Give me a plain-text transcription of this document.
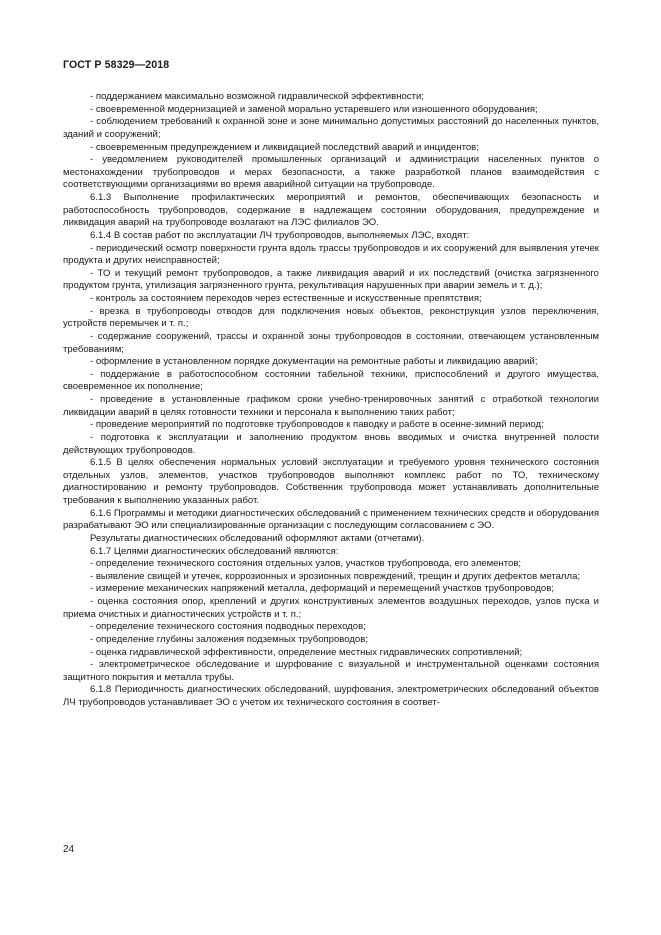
ГОСТ Р 58329—2018

- поддержанием максимально возможной гидравлической эффективности;

- своевременной модернизацией и заменой морально устаревшего или изношенного оборудования;

- соблюдением требований к охранной зоне и зоне минимально допустимых расстояний до населенных пунктов, зданий и сооружений;

- своевременным предупреждением и ликвидацией последствий аварий и инцидентов;

- уведомлением руководителей промышленных организаций и администрации населенных пунктов о местонахождении трубопроводов и мерах безопасности, а также разработкой планов взаимодействия с соответствующими организациями во время аварийной ситуации на трубопроводе.

6.1.3 Выполнение профилактических мероприятий и ремонтов, обеспечивающих безопасность и работоспособность трубопроводов, содержание в надлежащем состоянии оборудования, предупреждение и ликвидация аварий на трубопроводе возлагают на ЛЭС филиалов ЭО.

6.1.4 В состав работ по эксплуатации ЛЧ трубопроводов, выполняемых ЛЭС, входят:

- периодический осмотр поверхности грунта вдоль трассы трубопроводов и их сооружений для выявления утечек продукта и других неисправностей;

- ТО и текущий ремонт трубопроводов, а также ликвидация аварий и их последствий (очистка загрязненного продуктом грунта, утилизация загрязненного грунта, рекультивация нарушенных при аварии земель и т. д.);

- контроль за состоянием переходов через естественные и искусственные препятствия;

- врезка в трубопроводы отводов для подключения новых объектов, реконструкция узлов переключения, устройств перемычек и т. п.;

- содержание сооружений, трассы и охранной зоны трубопроводов в состоянии, отвечающем установленным требованиям;

- оформление в установленном порядке документации на ремонтные работы и ликвидацию аварий;

- поддержание в работоспособном состоянии табельной техники, приспособлений и другого имущества, своевременное их пополнение;

- проведение в установленные графиком сроки учебно-тренировочных занятий с отработкой технологии ликвидации аварий в целях готовности техники и персонала к выполнению таких работ;

- проведение мероприятий по подготовке трубопроводов к паводку и работе в осенне-зимний период;

- подготовка к эксплуатации и заполнению продуктом вновь вводимых и очистка внутренней полости действующих трубопроводов.

6.1.5 В целях обеспечения нормальных условий эксплуатации и требуемого уровня технического состояния отдельных узлов, элементов, участков трубопроводов выполняют комплекс работ по ТО, техническому диагностированию и ремонту трубопроводов. Собственник трубопровода может устанавливать дополнительные требования к выполнению указанных работ.

6.1.6 Программы и методики диагностических обследований с применением технических средств и оборудования разрабатывают ЭО или специализированные организации с последующим согласованием с ЭО.

Результаты диагностических обследований оформляют актами (отчетами).

6.1.7 Целями диагностических обследований являются:

- определение технического состояния отдельных узлов, участков трубопровода, его элементов;

- выявление свищей и утечек, коррозионных и эрозионных повреждений, трещин и других дефектов металла;

- измерение механических напряжений металла, деформаций и перемещений участков трубопроводов;

- оценка состояния опор, креплений и других конструктивных элементов воздушных переходов, узлов пуска и приема очистных и диагностических устройств и т. п.;

- определение технического состояния подводных переходов;

- определение глубины заложения подземных трубопроводов;

- оценка гидравлической эффективности, определение местных гидравлических сопротивлений;

- электрометрическое обследование и шурфование с визуальной и инструментальной оценками состояния защитного покрытия и металла трубы.

6.1.8 Периодичность диагностических обследований, шурфования, электрометрических обследований объектов ЛЧ трубопроводов устанавливает ЭО с учетом их технического состояния в соответ-

24
